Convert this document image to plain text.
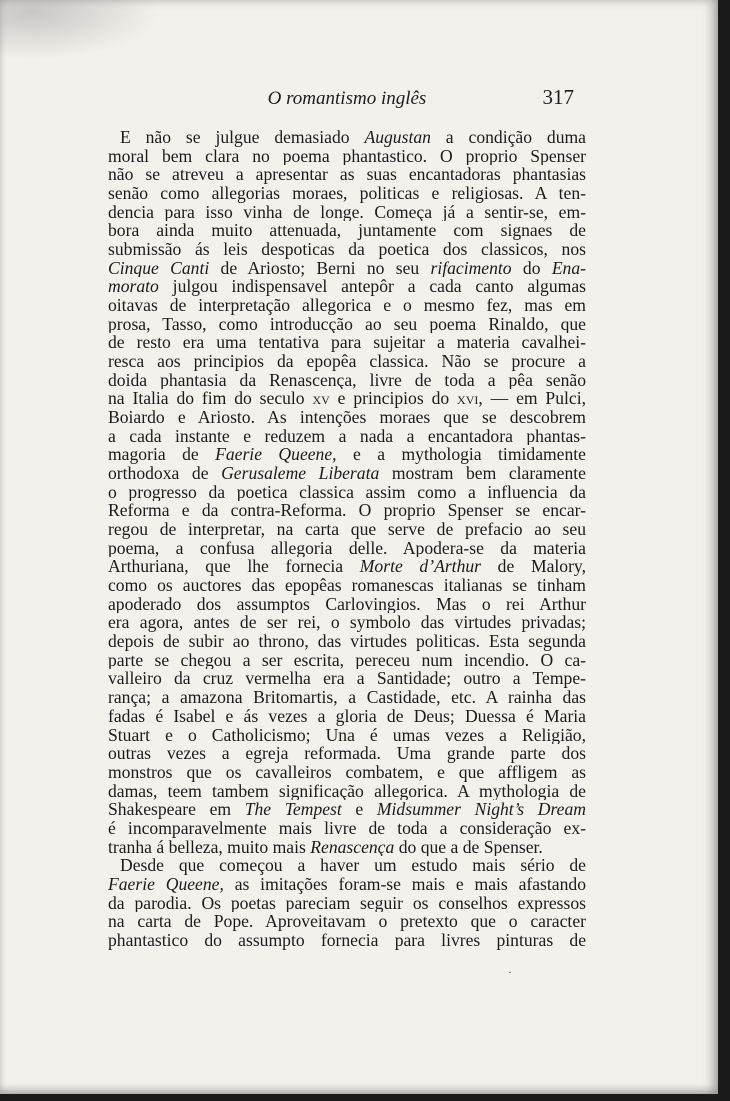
O romantismo inglês	317
E não se julgue demasiado Augustan a condição duma
moral bem clara no poema phantastico. O proprio Spenser
não se atreveu a apresentar as suas encantadoras phantasias
senão como allegorias moraes, politicas e religiosas. A ten-
dencia para isso vinha de longe. Começa já a sentir-se, em-
bora ainda muito attenuada, juntamente com signaes de
submissão ás leis despoticas da poetica dos classicos, nos
Cinque Canti de Ariosto; Berni no seu rifacimento do Ena-
morato julgou indispensavel antepôr a cada canto algumas
oitavas de interpretação allegorica e o mesmo fez, mas em
prosa, Tasso, como introducção ao seu poema Rinaldo, que
de resto era uma tentativa para sujeitar a materia cavalhei-
resca aos principios da epopêa classica. Não se procure a
doida phantasia da Renascença, livre de toda a pêa senão
na Italia do fim do seculo xv e principios do xvi, — em Pulci,
Boiardo e Ariosto. As intenções moraes que se descobrem
a cada instante e reduzem a nada a encantadora phantas-
magoria de Faerie Queene, e a mythologia timidamente
orthodoxa de Gerusaleme Liberata mostram bem claramente
o progresso da poetica classica assim como a influencia da
Reforma e da contra-Reforma. O proprio Spenser se encar-
regou de interpretar, na carta que serve de prefacio ao seu
poema, a confusa allegoria delle. Apodera-se da materia
Arthuriana, que lhe fornecia Morte d’Arthur de Malory,
como os auctores das epopêas romanescas italianas se tinham
apoderado dos assumptos Carlovingios. Mas o rei Arthur
era agora, antes de ser rei, o symbolo das virtudes privadas;
depois de subir ao throno, das virtudes politicas. Esta segunda
parte se chegou a ser escrita, pereceu num incendio. O ca-
valleiro da cruz vermelha era a Santidade; outro a Tempe-
rança; a amazona Britomartis, a Castidade, etc. A rainha das
fadas é Isabel e ás vezes a gloria de Deus; Duessa é Maria
Stuart e o Catholicismo; Una é umas vezes a Religião,
outras vezes a egreja reformada. Uma grande parte dos
monstros que os cavalleiros combatem, e que affligem as
damas, teem tambem significação allegorica. A mythologia de
Shakespeare em The Tempest e Midsummer Night’s Dream
é incomparavelmente mais livre de toda a consideração ex-
tranha á belleza, muito mais Renascença do que a de Spenser.
Desde que começou a haver um estudo mais sério de
Faerie Queene, as imitações foram-se mais e mais afastando
da parodia. Os poetas pareciam seguir os conselhos expressos
na carta de Pope. Aproveitavam o pretexto que o caracter
phantastico do assumpto fornecia para livres pinturas de
·
